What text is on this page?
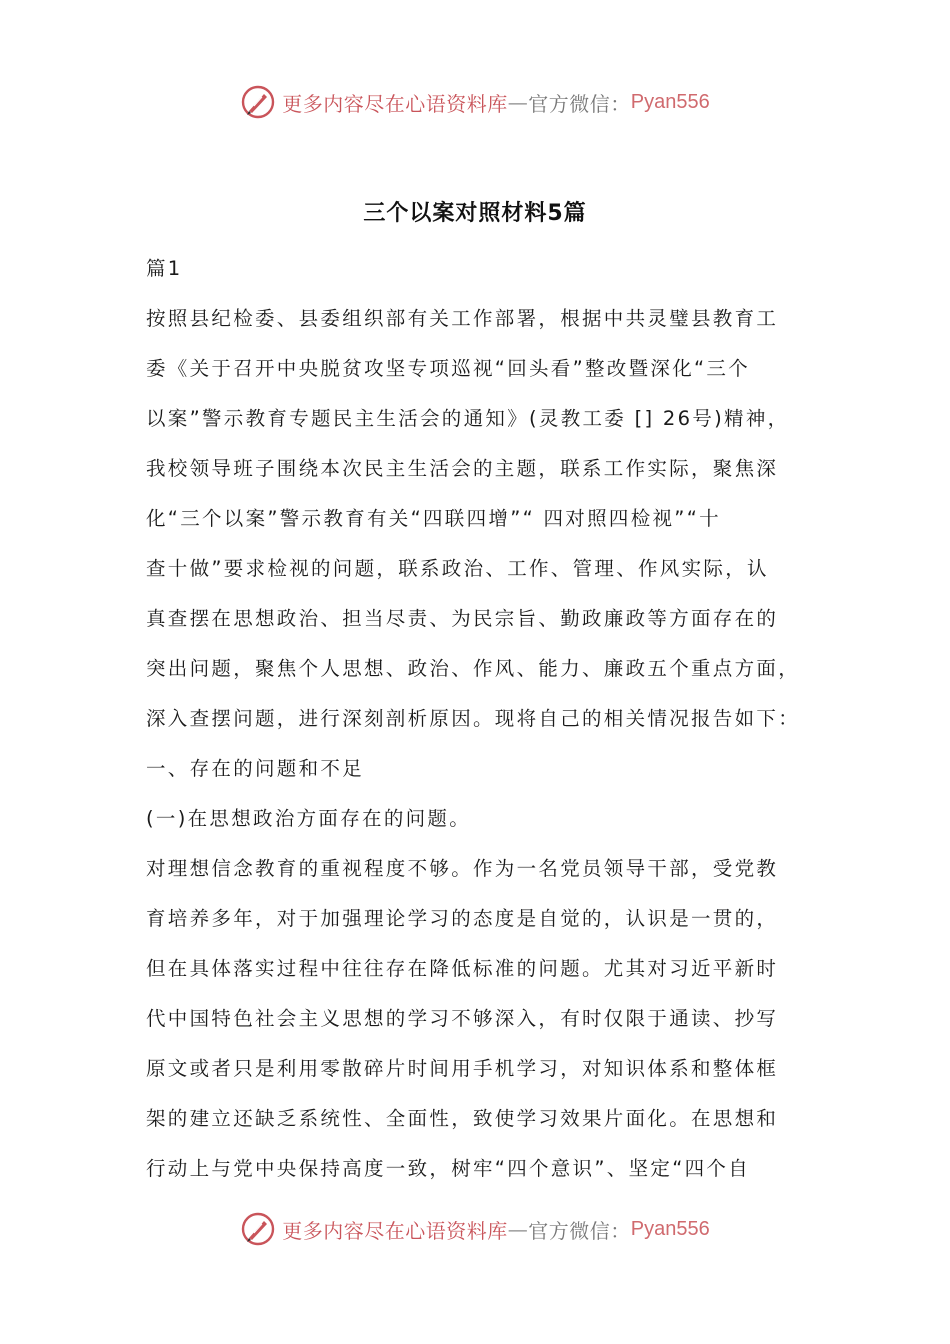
更多内容尽在心语资料库 — 官方微信： Pyan556
三个以案对照材料5篇
篇1
按照县纪检委、县委组织部有关工作部署，根据中共灵璧县教育工
委《关于召开中央脱贫攻坚专项巡视“回头看”整改暨深化“三个
以案”警示教育专题民主生活会的通知》(灵教工委 [] 26号)精神，
我校领导班子围绕本次民主生活会的主题，联系工作实际，聚焦深
化“三个以案”警示教育有关“四联四增”“ 四对照四检视”“十
查十做”要求检视的问题，联系政治、工作、管理、作风实际，认
真查摆在思想政治、担当尽责、为民宗旨、勤政廉政等方面存在的
突出问题，聚焦个人思想、政治、作风、能力、廉政五个重点方面，
深入查摆问题，进行深刻剖析原因。现将自己的相关情况报告如下：
一、存在的问题和不足
(一)在思想政治方面存在的问题。
对理想信念教育的重视程度不够。作为一名党员领导干部，受党教
育培养多年，对于加强理论学习的态度是自觉的，认识是一贯的，
但在具体落实过程中往往存在降低标准的问题。尤其对习近平新时
代中国特色社会主义思想的学习不够深入，有时仅限于通读、抄写
原文或者只是利用零散碎片时间用手机学习，对知识体系和整体框
架的建立还缺乏系统性、全面性，致使学习效果片面化。在思想和
行动上与党中央保持高度一致，树牢“四个意识”、坚定“四个自
更多内容尽在心语资料库 — 官方微信： Pyan556
